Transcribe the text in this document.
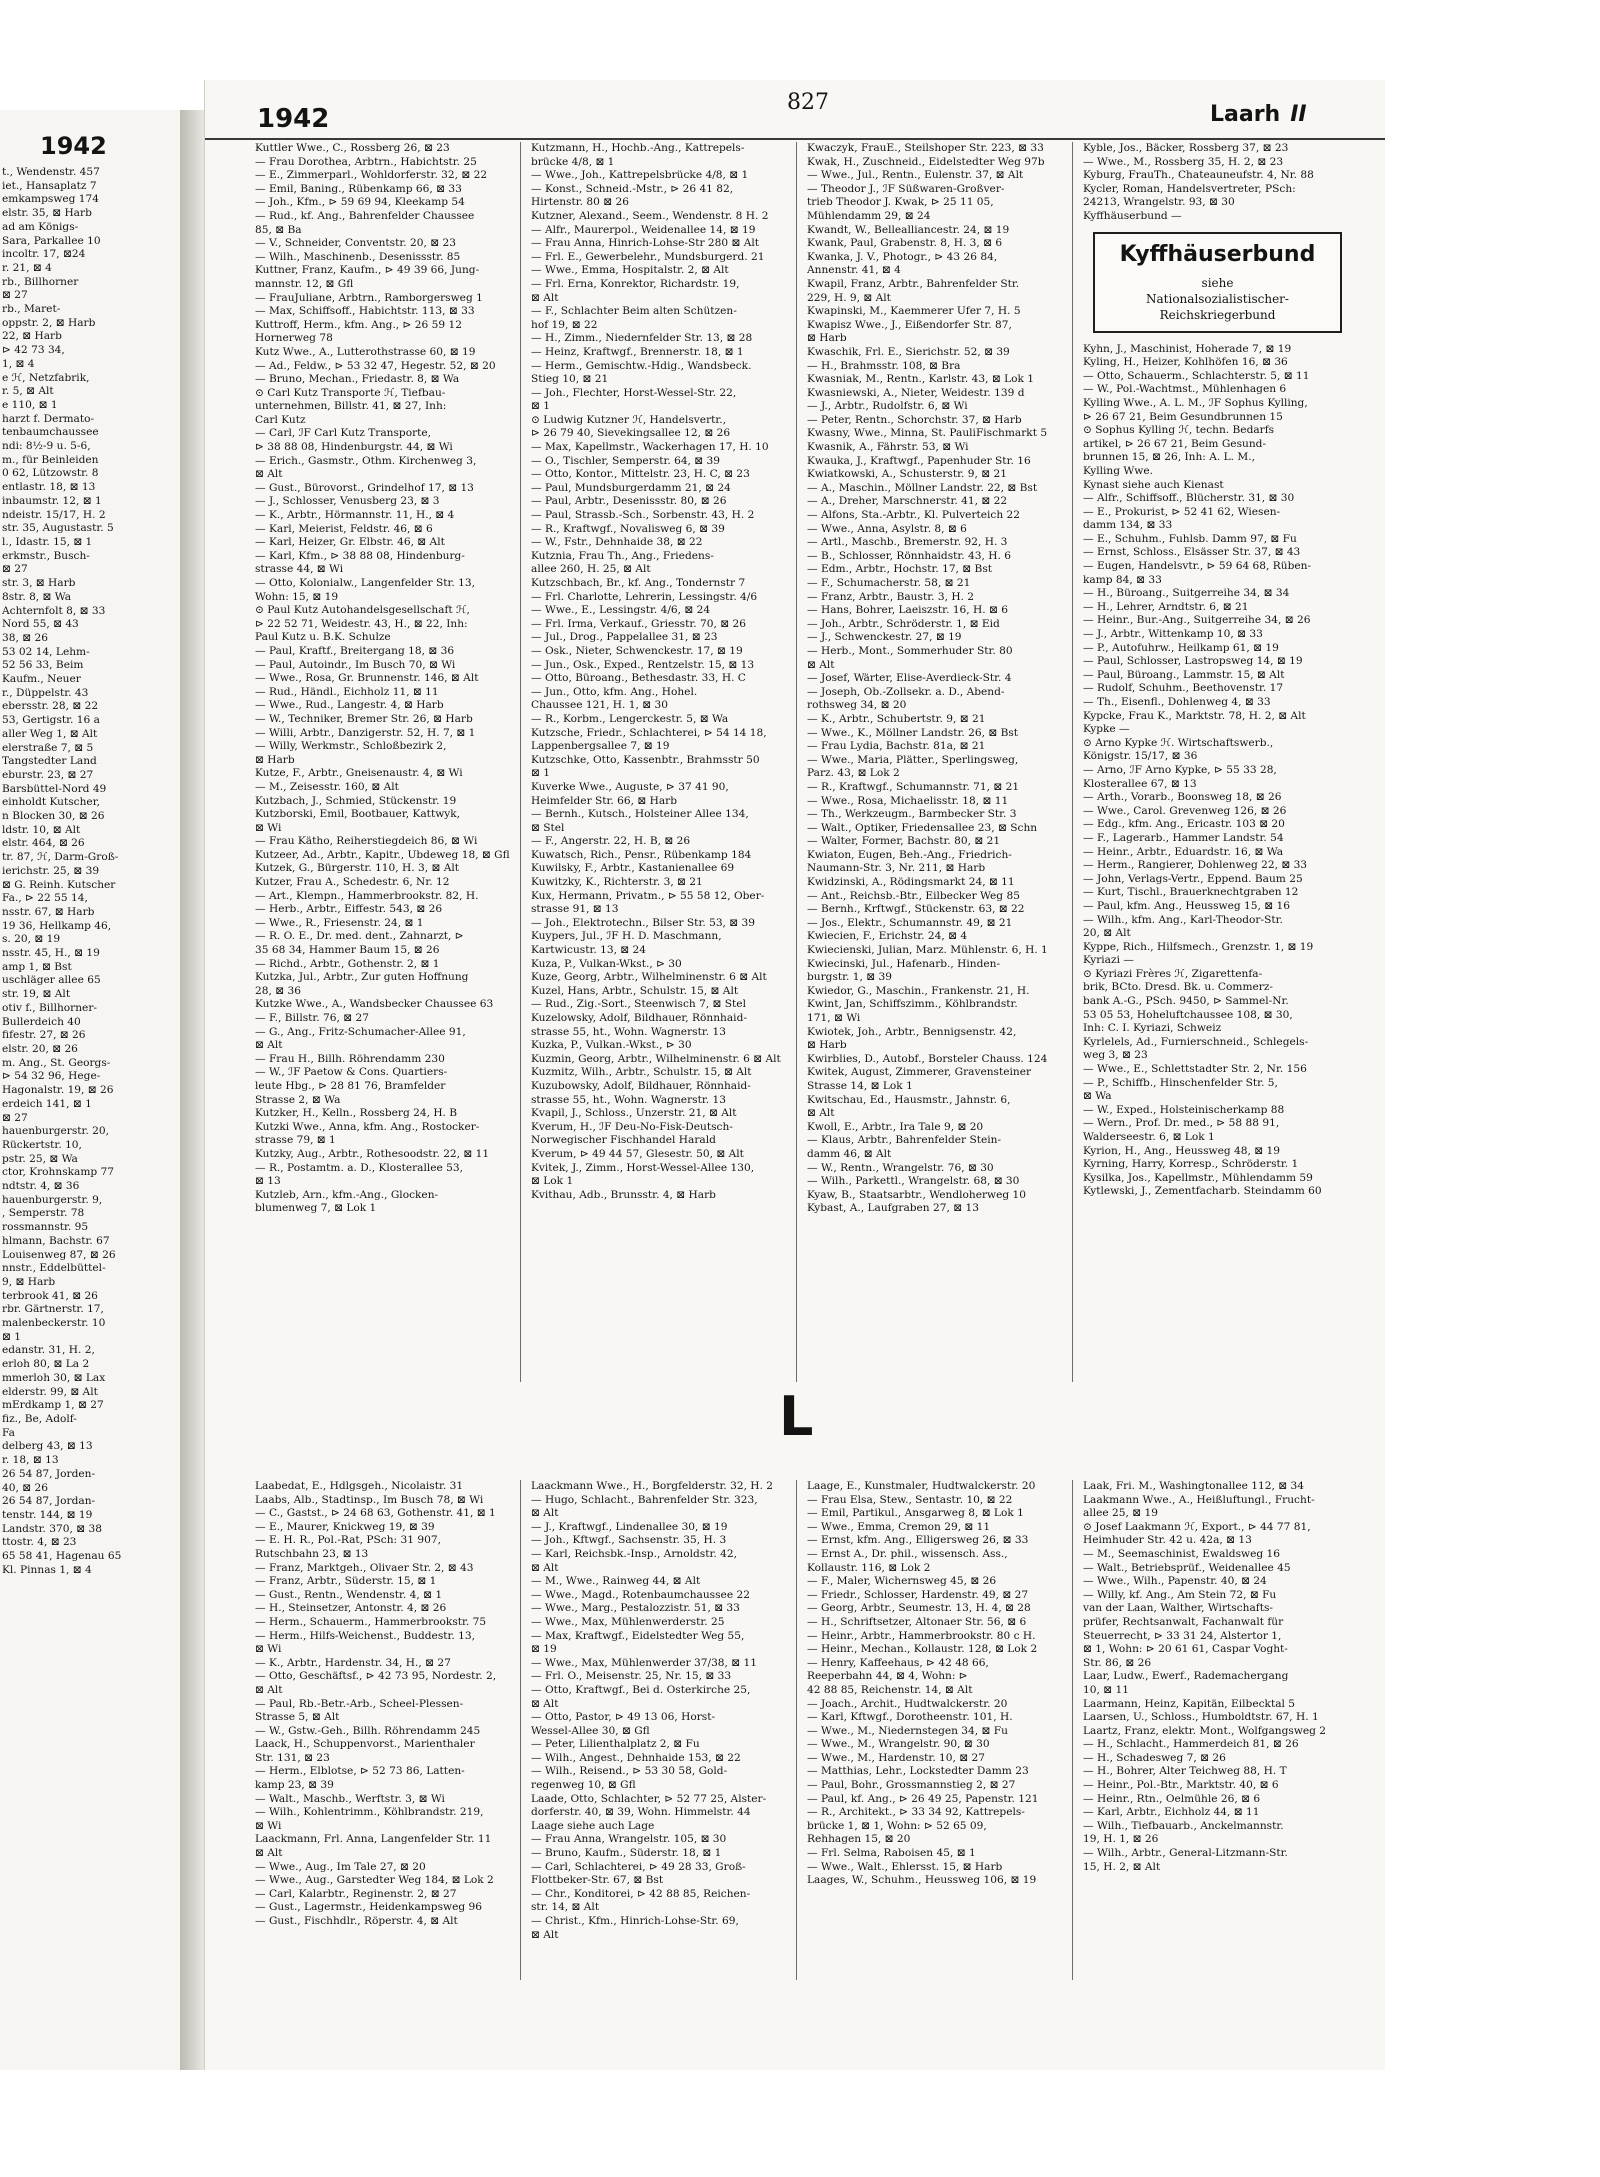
1942
t., Wendenstr. 457
iet., Hansaplatz 7
emkampsweg 174
elstr. 35, ⊠ Harb
ad am Königs-
Sara, Parkallee 10
incoltr. 17, ⊠24
r. 21, ⊠ 4
rb., Billhorner
⊠ 27
rb., Maret-
oppstr. 2, ⊠ Harb
22, ⊠ Harb
⊳ 42 73 34,
1, ⊠ 4
e ℋ, Netzfabrik,
r. 5, ⊠ Alt
e 110, ⊠ 1
harzt f. Dermato-
tenbaumchaussee
ndi: 8½-9 u. 5-6,
m., für Beinleiden
0 62, Lützowstr. 8
entlastr. 18, ⊠ 13
inbaumstr. 12, ⊠ 1
ndeistr. 15/17, H. 2
str. 35, Augustastr. 5
l., Idastr. 15, ⊠ 1
erkmstr., Busch-
⊠ 27
str. 3, ⊠ Harb
8str. 8, ⊠ Wa
Achternfolt 8, ⊠ 33
Nord 55, ⊠ 43
38, ⊠ 26
53 02 14, Lehm-
52 56 33, Beim
Kaufm., Neuer
r., Düppelstr. 43
ebersstr. 28, ⊠ 22
53, Gertigstr. 16 a
aller Weg 1, ⊠ Alt
elerstraße 7, ⊠ 5
Tangstedter Land
eburstr. 23, ⊠ 27
Barsbüttel-Nord 49
einholdt Kutscher,
n Blocken 30, ⊠ 26
ldstr. 10, ⊠ Alt
elstr. 464, ⊠ 26
tr. 87, ℋ, Darm-Groß-
ierichstr. 25, ⊠ 39
⊠ G. Reinh. Kutscher
Fa., ⊳ 22 55 14,
nsstr. 67, ⊠ Harb
19 36, Hellkamp 46,
s. 20, ⊠ 19
nsstr. 45, H., ⊠ 19
amp 1, ⊠ Bst
uschläger allee 65
str. 19, ⊠ Alt
otiv f., Billhorner-
Bullerdeich 40
fifestr. 27, ⊠ 26
elstr. 20, ⊠ 26
m. Ang., St. Georgs-
⊳ 54 32 96, Hege-
Hagonalstr. 19, ⊠ 26
erdeich 141, ⊠ 1
⊠ 27
hauenburgerstr. 20,
Rückertstr. 10,
pstr. 25, ⊠ Wa
ctor, Krohnskamp 77
ndtstr. 4, ⊠ 36
hauenburgerstr. 9,
, Semperstr. 78
rossmannstr. 95
hlmann, Bachstr. 67
Louisenweg 87, ⊠ 26
nnstr., Eddelbüttel-
9, ⊠ Harb
terbrook 41, ⊠ 26
rbr. Gärtnerstr. 17,
malenbeckerstr. 10
⊠ 1
edanstr. 31, H. 2,
erloh 80, ⊠ La 2
mmerloh 30, ⊠ Lax
elderstr. 99, ⊠ Alt
mErdkamp 1, ⊠ 27
fiz., Be, Adolf-
Fa
delberg 43, ⊠ 13
r. 18, ⊠ 13
26 54 87, Jorden-
40, ⊠ 26
26 54 87, Jordan-
tenstr. 144, ⊠ 19
Landstr. 370, ⊠ 38
ttostr. 4, ⊠ 23
65 58 41, Hagenau 65
Kl. Pinnas 1, ⊠ 4
1942
827	Laarh II
Kuttler Wwe., C., Rossberg 26, ⊠ 23
— Frau Dorothea, Arbtrn., Habichtstr. 25
— E., Zimmerparl., Wohldorferstr. 32, ⊠ 22
— Emil, Baning., Rübenkamp 66, ⊠ 33
— Joh., Kfm., ⊳ 59 69 94, Kleekamp 54
— Rud., kf. Ang., Bahrenfelder Chaussee
85, ⊠ Ba
— V., Schneider, Conventstr. 20, ⊠ 23
— Wilh., Maschinenb., Desenissstr. 85
Kuttner, Franz, Kaufm., ⊳ 49 39 66, Jung-
mannstr. 12, ⊠ Gfl
— FrauJuliane, Arbtrn., Ramborgersweg 1
— Max, Schiffsoff., Habichtstr. 113, ⊠ 33
Kuttroff, Herm., kfm. Ang., ⊳ 26 59 12
Hornerweg 78
Kutz Wwe., A., Lutterothstrasse 60, ⊠ 19
— Ad., Feldw., ⊳ 53 32 47, Hegestr. 52, ⊠ 20
— Bruno, Mechan., Friedastr. 8, ⊠ Wa
⊙ Carl Kutz Transporte ℋ, Tiefbau-
unternehmen, Billstr. 41, ⊠ 27, Inh:
Carl Kutz
— Carl, ℐF Carl Kutz Transporte,
⊳ 38 88 08, Hindenburgstr. 44, ⊠ Wi
— Erich., Gasmstr., Othm. Kirchenweg 3,
⊠ Alt
— Gust., Bürovorst., Grindelhof 17, ⊠ 13
— J., Schlosser, Venusberg 23, ⊠ 3
— K., Arbtr., Hörmannstr. 11, H., ⊠ 4
— Karl, Meierist, Feldstr. 46, ⊠ 6
— Karl, Heizer, Gr. Elbstr. 46, ⊠ Alt
— Karl, Kfm., ⊳ 38 88 08, Hindenburg-
strasse 44, ⊠ Wi
— Otto, Kolonialw., Langenfelder Str. 13,
Wohn: 15, ⊠ 19
⊙ Paul Kutz Autohandelsgesellschaft ℋ,
⊳ 22 52 71, Weidestr. 43, H., ⊠ 22, Inh:
Paul Kutz u. B.K. Schulze
— Paul, Kraftf., Breitergang 18, ⊠ 36
— Paul, Autoindr., Im Busch 70, ⊠ Wi
— Wwe., Rosa, Gr. Brunnenstr. 146, ⊠ Alt
— Rud., Händl., Eichholz 11, ⊠ 11
— Wwe., Rud., Langestr. 4, ⊠ Harb
— W., Techniker, Bremer Str. 26, ⊠ Harb
— Willi, Arbtr., Danzigerstr. 52, H. 7, ⊠ 1
— Willy, Werkmstr., Schloßbezirk 2,
⊠ Harb
Kutze, F., Arbtr., Gneisenaustr. 4, ⊠ Wi
— M., Zeisesstr. 160, ⊠ Alt
Kutzbach, J., Schmied, Stückenstr. 19
Kutzborski, Emil, Bootbauer, Kattwyk,
⊠ Wi
— Frau Kätho, Reiherstiegdeich 86, ⊠ Wi
Kutzeer, Ad., Arbtr., Kapitr., Ubdeweg 18, ⊠ Gfl
Kutzek, G., Bürgerstr. 110, H. 3, ⊠ Alt
Kutzer, Frau A., Schedestr. 6, Nr. 12
— Art., Klempn., Hammerbrookstr. 82, H.
— Herb., Arbtr., Eiffestr. 543, ⊠ 26
— Wwe., R., Friesenstr. 24, ⊠ 1
— R. O. E., Dr. med. dent., Zahnarzt, ⊳
35 68 34, Hammer Baum 15, ⊠ 26
— Richd., Arbtr., Gothenstr. 2, ⊠ 1
Kutzka, Jul., Arbtr., Zur guten Hoffnung
28, ⊠ 36
Kutzke Wwe., A., Wandsbecker Chaussee 63
— F., Billstr. 76, ⊠ 27
— G., Ang., Fritz-Schumacher-Allee 91,
⊠ Alt
— Frau H., Billh. Röhrendamm 230
— W., ℐF Paetow & Cons. Quartiers-
leute Hbg., ⊳ 28 81 76, Bramfelder
Strasse 2, ⊠ Wa
Kutzker, H., Kelln., Rossberg 24, H. B
Kutzki Wwe., Anna, kfm. Ang., Rostocker-
strasse 79, ⊠ 1
Kutzky, Aug., Arbtr., Rothesoodstr. 22, ⊠ 11
— R., Postamtm. a. D., Klosterallee 53,
⊠ 13
Kutzleb, Arn., kfm.-Ang., Glocken-
blumenweg 7, ⊠ Lok 1
Kutzmann, H., Hochb.-Ang., Kattrepels-
brücke 4/8, ⊠ 1
— Wwe., Joh., Kattrepelsbrücke 4/8, ⊠ 1
— Konst., Schneid.-Mstr., ⊳ 26 41 82,
Hirtenstr. 80 ⊠ 26
Kutzner, Alexand., Seem., Wendenstr. 8 H. 2
— Alfr., Maurerpol., Weidenallee 14, ⊠ 19
— Frau Anna, Hinrich-Lohse-Str 280 ⊠ Alt
— Frl. E., Gewerbelehr., Mundsburgerd. 21
— Wwe., Emma, Hospitalstr. 2, ⊠ Alt
— Frl. Erna, Konrektor, Richardstr. 19,
⊠ Alt
— F., Schlachter Beim alten Schützen-
hof 19, ⊠ 22
— H., Zimm., Niedernfelder Str. 13, ⊠ 28
— Heinz, Kraftwgf., Brennerstr. 18, ⊠ 1
— Herm., Gemischtw.-Hdig., Wandsbeck.
Stieg 10, ⊠ 21
— Joh., Flechter, Horst-Wessel-Str. 22,
⊠ 1
⊙ Ludwig Kutzner ℋ, Handelsvertr.,
⊳ 26 79 40, Sievekingsallee 12, ⊠ 26
— Max, Kapellmstr., Wackerhagen 17, H. 10
— O., Tischler, Semperstr. 64, ⊠ 39
— Otto, Kontor., Mittelstr. 23, H. C, ⊠ 23
— Paul, Mundsburgerdamm 21, ⊠ 24
— Paul, Arbtr., Desenissstr. 80, ⊠ 26
— Paul, Strassb.-Sch., Sorbenstr. 43, H. 2
— R., Kraftwgf., Novalisweg 6, ⊠ 39
— W., Fstr., Dehnhaide 38, ⊠ 22
Kutznia, Frau Th., Ang., Friedens-
allee 260, H. 25, ⊠ Alt
Kutzschbach, Br., kf. Ang., Tondernstr 7
— Frl. Charlotte, Lehrerin, Lessingstr. 4/6
— Wwe., E., Lessingstr. 4/6, ⊠ 24
— Frl. Irma, Verkauf., Griesstr. 70, ⊠ 26
— Jul., Drog., Pappelallee 31, ⊠ 23
— Osk., Nieter, Schwenckestr. 17, ⊠ 19
— Jun., Osk., Exped., Rentzelstr. 15, ⊠ 13
— Otto, Büroang., Bethesdastr. 33, H. C
— Jun., Otto, kfm. Ang., Hohel.
Chaussee 121, H. 1, ⊠ 30
— R., Korbm., Lengerckestr. 5, ⊠ Wa
Kutzsche, Friedr., Schlachterei, ⊳ 54 14 18,
Lappenbergsallee 7, ⊠ 19
Kutzschke, Otto, Kassenbtr., Brahmsstr 50
⊠ 1
Kuverke Wwe., Auguste, ⊳ 37 41 90,
Heimfelder Str. 66, ⊠ Harb
— Bernh., Kutsch., Holsteiner Allee 134,
⊠ Stel
— F., Angerstr. 22, H. B, ⊠ 26
Kuwatsch, Rich., Pensr., Rübenkamp 184
Kuwilsky, F., Arbtr., Kastanienallee 69
Kuwitzky, K., Richterstr. 3, ⊠ 21
Kux, Hermann, Privatm., ⊳ 55 58 12, Ober-
strasse 91, ⊠ 13
— Joh., Elektrotechn., Bilser Str. 53, ⊠ 39
Kuypers, Jul., ℐF H. D. Maschmann,
Kartwicustr. 13, ⊠ 24
Kuza, P., Vulkan-Wkst., ⊳ 30
Kuze, Georg, Arbtr., Wilhelminenstr. 6 ⊠ Alt
Kuzel, Hans, Arbtr., Schulstr. 15, ⊠ Alt
— Rud., Zig.-Sort., Steenwisch 7, ⊠ Stel
Kuzelowsky, Adolf, Bildhauer, Rönnhaid-
strasse 55, ht., Wohn. Wagnerstr. 13
Kuzka, P., Vulkan.-Wkst., ⊳ 30
Kuzmin, Georg, Arbtr., Wilhelminenstr. 6 ⊠ Alt
Kuzmitz, Wilh., Arbtr., Schulstr. 15, ⊠ Alt
Kuzubowsky, Adolf, Bildhauer, Rönnhaid-
strasse 55, ht., Wohn. Wagnerstr. 13
Kvapil, J., Schloss., Unzerstr. 21, ⊠ Alt
Kverum, H., ℐF Deu-No-Fisk-Deutsch-
Norwegischer Fischhandel Harald
Kverum, ⊳ 49 44 57, Glesestr. 50, ⊠ Alt
Kvitek, J., Zimm., Horst-Wessel-Allee 130,
⊠ Lok 1
Kvithau, Adb., Brunsstr. 4, ⊠ Harb
Kwaczyk, FrauE., Steilshoper Str. 223, ⊠ 33
Kwak, H., Zuschneid., Eidelstedter Weg 97b
— Wwe., Jul., Rentn., Eulenstr. 37, ⊠ Alt
— Theodor J., ℐF Süßwaren-Großver-
trieb Theodor J. Kwak, ⊳ 25 11 05,
Mühlendamm 29, ⊠ 24
Kwandt, W., Bellealliancestr. 24, ⊠ 19
Kwank, Paul, Grabenstr. 8, H. 3, ⊠ 6
Kwanka, J. V., Photogr., ⊳ 43 26 84,
Annenstr. 41, ⊠ 4
Kwapil, Franz, Arbtr., Bahrenfelder Str.
229, H. 9, ⊠ Alt
Kwapinski, M., Kaemmerer Ufer 7, H. 5
Kwapisz Wwe., J., Eißendorfer Str. 87,
⊠ Harb
Kwaschik, Frl. E., Sierichstr. 52, ⊠ 39
— H., Brahmsstr. 108, ⊠ Bra
Kwasniak, M., Rentn., Karlstr. 43, ⊠ Lok 1
Kwasniewski, A., Nieter, Weidestr. 139 d
— J., Arbtr., Rudolfstr. 6, ⊠ Wi
— Peter, Rentn., Schorchstr. 37, ⊠ Harb
Kwasny, Wwe., Minna, St. PauliFischmarkt 5
Kwasnik, A., Fährstr. 53, ⊠ Wi
Kwauka, J., Kraftwgf., Papenhuder Str. 16
Kwiatkowski, A., Schusterstr. 9, ⊠ 21
— A., Maschin., Möllner Landstr. 22, ⊠ Bst
— A., Dreher, Marschnerstr. 41, ⊠ 22
— Alfons, Sta.-Arbtr., Kl. Pulverteich 22
— Wwe., Anna, Asylstr. 8, ⊠ 6
— Artl., Maschb., Bremerstr. 92, H. 3
— B., Schlosser, Rönnhaidstr. 43, H. 6
— Edm., Arbtr., Hochstr. 17, ⊠ Bst
— F., Schumacherstr. 58, ⊠ 21
— Franz, Arbtr., Baustr. 3, H. 2
— Hans, Bohrer, Laeiszstr. 16, H. ⊠ 6
— Joh., Arbtr., Schröderstr. 1, ⊠ Eid
— J., Schwenckestr. 27, ⊠ 19
— Herb., Mont., Sommerhuder Str. 80
⊠ Alt
— Josef, Wärter, Elise-Averdieck-Str. 4
— Joseph, Ob.-Zollsekr. a. D., Abend-
rothsweg 34, ⊠ 20
— K., Arbtr., Schubertstr. 9, ⊠ 21
— Wwe., K., Möllner Landstr. 26, ⊠ Bst
— Frau Lydia, Bachstr. 81a, ⊠ 21
— Wwe., Maria, Plätter., Sperlingsweg,
Parz. 43, ⊠ Lok 2
— R., Kraftwgf., Schumannstr. 71, ⊠ 21
— Wwe., Rosa, Michaelisstr. 18, ⊠ 11
— Th., Werkzeugm., Barmbecker Str. 3
— Walt., Optiker, Friedensallee 23, ⊠ Schn
— Walter, Former, Bachstr. 80, ⊠ 21
Kwiaton, Eugen, Beh.-Ang., Friedrich-
Naumann-Str. 3, Nr. 211, ⊠ Harb
Kwidzinski, A., Rödingsmarkt 24, ⊠ 11
— Ant., Reichsb.-Btr., Eilbecker Weg 85
— Bernh., Krftwgf., Stückenstr. 63, ⊠ 22
— Jos., Elektr., Schumannstr. 49, ⊠ 21
Kwiecien, F., Erichstr. 24, ⊠ 4
Kwiecienski, Julian, Marz. Mühlenstr. 6, H. 1
Kwiecinski, Jul., Hafenarb., Hinden-
burgstr. 1, ⊠ 39
Kwiedor, G., Maschin., Frankenstr. 21, H.
Kwint, Jan, Schiffszimm., Köhlbrandstr.
171, ⊠ Wi
Kwiotek, Joh., Arbtr., Bennigsenstr. 42,
⊠ Harb
Kwirblies, D., Autobf., Borsteler Chauss. 124
Kwitek, August, Zimmerer, Gravensteiner
Strasse 14, ⊠ Lok 1
Kwitschau, Ed., Hausmstr., Jahnstr. 6,
⊠ Alt
Kwoll, E., Arbtr., Ira Tale 9, ⊠ 20
— Klaus, Arbtr., Bahrenfelder Stein-
damm 46, ⊠ Alt
— W., Rentn., Wrangelstr. 76, ⊠ 30
— Wilh., Parkettl., Wrangelstr. 68, ⊠ 30
Kyaw, B., Staatsarbtr., Wendloherweg 10
Kybast, A., Laufgraben 27, ⊠ 13
Kyble, Jos., Bäcker, Rossberg 37, ⊠ 23
— Wwe., M., Rossberg 35, H. 2, ⊠ 23
Kyburg, FrauTh., Chateauneufstr. 4, Nr. 88
Kycler, Roman, Handelsvertreter, PSch:
24213, Wrangelstr. 93, ⊠ 30
Kyffhäuserbund —
Kyffhäuserbund
siehe
Nationalsozialistischer-
Reichskriegerbund
Kyhn, J., Maschinist, Hoherade 7, ⊠ 19
Kyling, H., Heizer, Kohlhöfen 16, ⊠ 36
— Otto, Schauerm., Schlachterstr. 5, ⊠ 11
— W., Pol.-Wachtmst., Mühlenhagen 6
Kylling Wwe., A. L. M., ℐF Sophus Kylling,
⊳ 26 67 21, Beim Gesundbrunnen 15
⊙ Sophus Kylling ℋ, techn. Bedarfs
artikel, ⊳ 26 67 21, Beim Gesund-
brunnen 15, ⊠ 26, Inh: A. L. M.,
Kylling Wwe.
Kynast siehe auch Kienast
— Alfr., Schiffsoff., Blücherstr. 31, ⊠ 30
— E., Prokurist, ⊳ 52 41 62, Wiesen-
damm 134, ⊠ 33
— E., Schuhm., Fuhlsb. Damm 97, ⊠ Fu
— Ernst, Schloss., Elsässer Str. 37, ⊠ 43
— Eugen, Handelsvtr., ⊳ 59 64 68, Rüben-
kamp 84, ⊠ 33
— H., Büroang., Suitgerreihe 34, ⊠ 34
— H., Lehrer, Arndtstr. 6, ⊠ 21
— Heinr., Bur.-Ang., Suitgerreihe 34, ⊠ 26
— J., Arbtr., Wittenkamp 10, ⊠ 33
— P., Autofuhrw., Heilkamp 61, ⊠ 19
— Paul, Schlosser, Lastropsweg 14, ⊠ 19
— Paul, Büroang., Lammstr. 15, ⊠ Alt
— Rudolf, Schuhm., Beethovenstr. 17
— Th., Eisenfl., Dohlenweg 4, ⊠ 33
Kypcke, Frau K., Marktstr. 78, H. 2, ⊠ Alt
Kypke —
⊙ Arno Kypke ℋ. Wirtschaftswerb.,
Königstr. 15/17, ⊠ 36
— Arno, ℐF Arno Kypke, ⊳ 55 33 28,
Klosterallee 67, ⊠ 13
— Arth., Vorarb., Boonsweg 18, ⊠ 26
— Wwe., Carol. Grevenweg 126, ⊠ 26
— Edg., kfm. Ang., Ericastr. 103 ⊠ 20
— F., Lagerarb., Hammer Landstr. 54
— Heinr., Arbtr., Eduardstr. 16, ⊠ Wa
— Herm., Rangierer, Dohlenweg 22, ⊠ 33
— John, Verlags-Vertr., Eppend. Baum 25
— Kurt, Tischl., Brauerknechtgraben 12
— Paul, kfm. Ang., Heussweg 15, ⊠ 16
— Wilh., kfm. Ang., Karl-Theodor-Str.
20, ⊠ Alt
Kyppe, Rich., Hilfsmech., Grenzstr. 1, ⊠ 19
Kyriazi —
⊙ Kyriazi Frères ℋ, Zigarettenfa-
brik, BCto. Dresd. Bk. u. Commerz-
bank A.-G., PSch. 9450, ⊳ Sammel-Nr.
53 05 53, Hoheluftchaussee 108, ⊠ 30,
Inh: C. I. Kyriazi, Schweiz
Kyrlelels, Ad., Furnierschneid., Schlegels-
weg 3, ⊠ 23
— Wwe., E., Schlettstadter Str. 2, Nr. 156
— P., Schiffb., Hinschenfelder Str. 5,
⊠ Wa
— W., Exped., Holsteinischerkamp 88
— Wern., Prof. Dr. med., ⊳ 58 88 91,
Walderseestr. 6, ⊠ Lok 1
Kyrion, H., Ang., Heussweg 48, ⊠ 19
Kyrning, Harry, Korresp., Schröderstr. 1
Kysilka, Jos., Kapellmstr., Mühlendamm 59
Kytlewski, J., Zementfacharb. Steindamm 60
L
Laabedat, E., Hdlgsgeh., Nicolaistr. 31
Laabs, Alb., Stadtinsp., Im Busch 78, ⊠ Wi
— C., Gastst., ⊳ 24 68 63, Gothenstr. 41, ⊠ 1
— E., Maurer, Knickweg 19, ⊠ 39
— E. H. R., Pol.-Rat, PSch: 31 907,
Rutschbahn 23, ⊠ 13
— Franz, Marktgeh., Olivaer Str. 2, ⊠ 43
— Franz, Arbtr., Süderstr. 15, ⊠ 1
— Gust., Rentn., Wendenstr. 4, ⊠ 1
— H., Steinsetzer, Antonstr. 4, ⊠ 26
— Herm., Schauerm., Hammerbrookstr. 75
— Herm., Hilfs-Weichenst., Buddestr. 13,
⊠ Wi
— K., Arbtr., Hardenstr. 34, H., ⊠ 27
— Otto, Geschäftsf., ⊳ 42 73 95, Nordestr. 2,
⊠ Alt
— Paul, Rb.-Betr.-Arb., Scheel-Plessen-
Strasse 5, ⊠ Alt
— W., Gstw.-Geh., Billh. Röhrendamm 245
Laack, H., Schuppenvorst., Marienthaler
Str. 131, ⊠ 23
— Herm., Elblotse, ⊳ 52 73 86, Latten-
kamp 23, ⊠ 39
— Walt., Maschb., Werftstr. 3, ⊠ Wi
— Wilh., Kohlentrimm., Köhlbrandstr. 219,
⊠ Wi
Laackmann, Frl. Anna, Langenfelder Str. 11
⊠ Alt
— Wwe., Aug., Im Tale 27, ⊠ 20
— Wwe., Aug., Garstedter Weg 184, ⊠ Lok 2
— Carl, Kalarbtr., Reginenstr. 2, ⊠ 27
— Gust., Lagermstr., Heidenkampsweg 96
— Gust., Fischhdlr., Röperstr. 4, ⊠ Alt
Laackmann Wwe., H., Borgfelderstr. 32, H. 2
— Hugo, Schlacht., Bahrenfelder Str. 323,
⊠ Alt
— J., Kraftwgf., Lindenallee 30, ⊠ 19
— Joh., Kftwgf., Sachsenstr. 35, H. 3
— Karl, Reichsbk.-Insp., Arnoldstr. 42,
⊠ Alt
— M., Wwe., Rainweg 44, ⊠ Alt
— Wwe., Magd., Rotenbaumchaussee 22
— Wwe., Marg., Pestalozzistr. 51, ⊠ 33
— Wwe., Max, Mühlenwerderstr. 25
— Max, Kraftwgf., Eidelstedter Weg 55,
⊠ 19
— Wwe., Max, Mühlenwerder 37/38, ⊠ 11
— Frl. O., Meisenstr. 25, Nr. 15, ⊠ 33
— Otto, Kraftwgf., Bei d. Osterkirche 25,
⊠ Alt
— Otto, Pastor, ⊳ 49 13 06, Horst-
Wessel-Allee 30, ⊠ Gfl
— Peter, Lilienthalplatz 2, ⊠ Fu
— Wilh., Angest., Dehnhaide 153, ⊠ 22
— Wilh., Reisend., ⊳ 53 30 58, Gold-
regenweg 10, ⊠ Gfl
Laade, Otto, Schlachter, ⊳ 52 77 25, Alster-
dorferstr. 40, ⊠ 39, Wohn. Himmelstr. 44
Laage siehe auch Lage
— Frau Anna, Wrangelstr. 105, ⊠ 30
— Bruno, Kaufm., Süderstr. 18, ⊠ 1
— Carl, Schlachterei, ⊳ 49 28 33, Groß-
Flottbeker-Str. 67, ⊠ Bst
— Chr., Konditorei, ⊳ 42 88 85, Reichen-
str. 14, ⊠ Alt
— Christ., Kfm., Hinrich-Lohse-Str. 69,
⊠ Alt
Laage, E., Kunstmaler, Hudtwalckerstr. 20
— Frau Elsa, Stew., Sentastr. 10, ⊠ 22
— Emil, Partikul., Ansgarweg 8, ⊠ Lok 1
— Wwe., Emma, Cremon 29, ⊠ 11
— Ernst, kfm. Ang., Elligersweg 26, ⊠ 33
— Ernst A., Dr. phil., wissensch. Ass.,
Kollaustr. 116, ⊠ Lok 2
— F., Maler, Wichernsweg 45, ⊠ 26
— Friedr., Schlosser, Hardenstr. 49, ⊠ 27
— Georg, Arbtr., Seumestr. 13, H. 4, ⊠ 28
— H., Schriftsetzer, Altonaer Str. 56, ⊠ 6
— Heinr., Arbtr., Hammerbrookstr. 80 c H.
— Heinr., Mechan., Kollaustr. 128, ⊠ Lok 2
— Henry, Kaffeehaus, ⊳ 42 48 66,
Reeperbahn 44, ⊠ 4, Wohn: ⊳
42 88 85, Reichenstr. 14, ⊠ Alt
— Joach., Archit., Hudtwalckerstr. 20
— Karl, Kftwgf., Dorotheenstr. 101, H.
— Wwe., M., Niedernstegen 34, ⊠ Fu
— Wwe., M., Wrangelstr. 90, ⊠ 30
— Wwe., M., Hardenstr. 10, ⊠ 27
— Matthias, Lehr., Lockstedter Damm 23
— Paul, Bohr., Grossmannstieg 2, ⊠ 27
— Paul, kf. Ang., ⊳ 26 49 25, Papenstr. 121
— R., Architekt., ⊳ 33 34 92, Kattrepels-
brücke 1, ⊠ 1, Wohn: ⊳ 52 65 09,
Rehhagen 15, ⊠ 20
— Frl. Selma, Raboisen 45, ⊠ 1
— Wwe., Walt., Ehlersst. 15, ⊠ Harb
Laages, W., Schuhm., Heussweg 106, ⊠ 19
Laak, Fri. M., Washingtonallee 112, ⊠ 34
Laakmann Wwe., A., Heißluftungl., Frucht-
allee 25, ⊠ 19
⊙ Josef Laakmann ℋ, Export., ⊳ 44 77 81,
Heimhuder Str. 42 u. 42a, ⊠ 13
— M., Seemaschinist, Ewaldsweg 16
— Walt., Betriebsprüf., Weidenallee 45
— Wwe., Wilh., Papenstr. 40, ⊠ 24
— Willy, kf. Ang., Am Stein 72, ⊠ Fu
van der Laan, Walther, Wirtschafts-
prüfer, Rechtsanwalt, Fachanwalt für
Steuerrecht, ⊳ 33 31 24, Alstertor 1,
⊠ 1, Wohn: ⊳ 20 61 61, Caspar Voght-
Str. 86, ⊠ 26
Laar, Ludw., Ewerf., Rademachergang
10, ⊠ 11
Laarmann, Heinz, Kapitän, Eilbecktal 5
Laarsen, U., Schloss., Humboldtstr. 67, H. 1
Laartz, Franz, elektr. Mont., Wolfgangsweg 2
— H., Schlacht., Hammerdeich 81, ⊠ 26
— H., Schadesweg 7, ⊠ 26
— H., Bohrer, Alter Teichweg 88, H. T
— Heinr., Pol.-Btr., Marktstr. 40, ⊠ 6
— Heinr., Rtn., Oelmühle 26, ⊠ 6
— Karl, Arbtr., Eichholz 44, ⊠ 11
— Wilh., Tiefbauarb., Anckelmannstr.
19, H. 1, ⊠ 26
— Wilh., Arbtr., General-Litzmann-Str.
15, H. 2, ⊠ Alt
